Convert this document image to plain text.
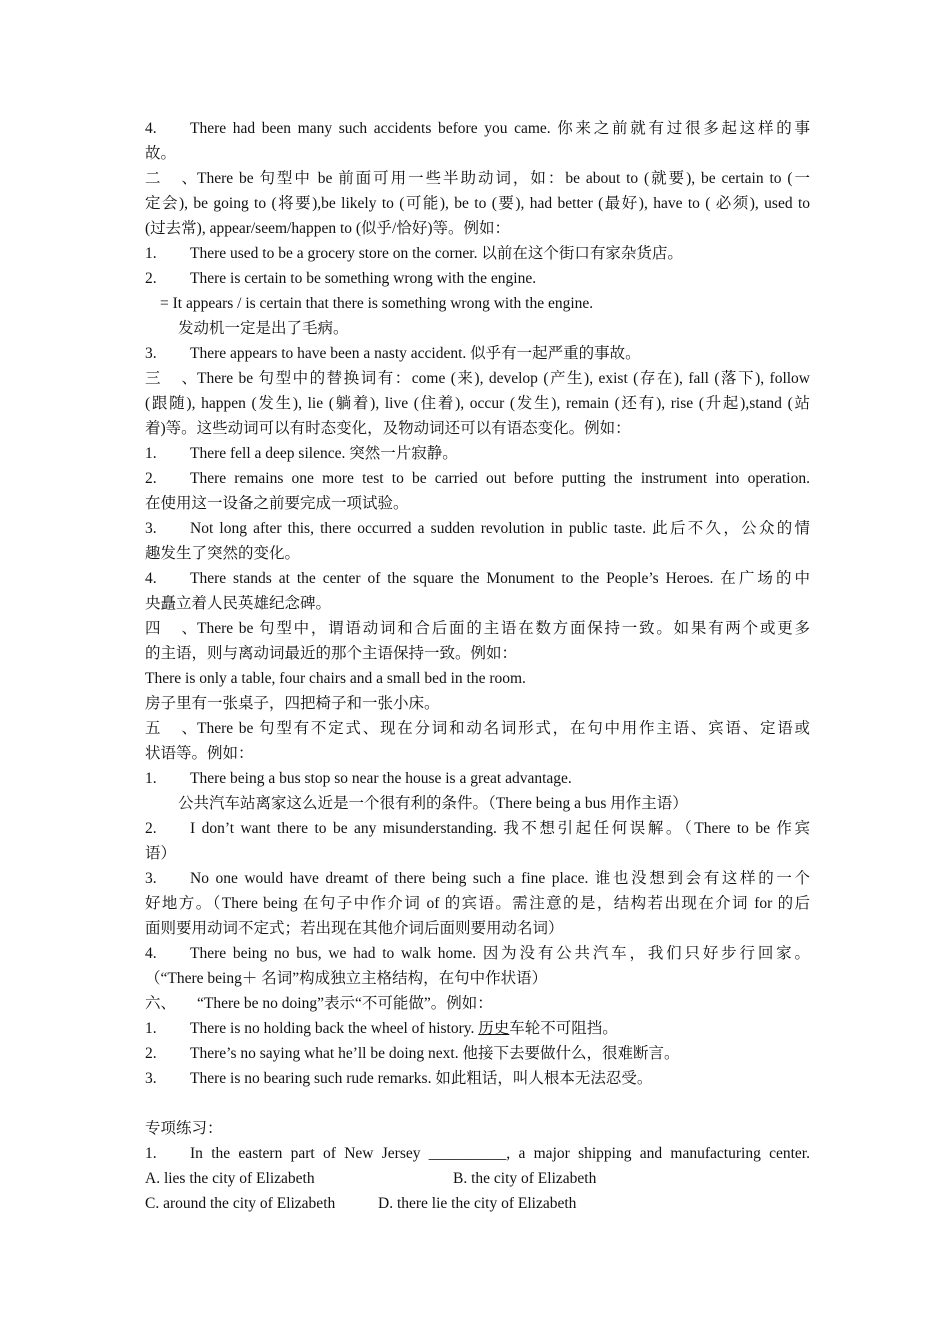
4. There had been many such accidents before you came. 你来之前就有过很多起这样的事
故。
二、There be 句型中 be 前面可用一些半助动词，如：be about to (就要), be certain to (一
定会), be going to (将要),be likely to (可能), be to (要), had better (最好), have to ( 必须), used to
(过去常), appear/seem/happen to (似乎/恰好)等。例如：
1. There used to be a grocery store on the corner. 以前在这个街口有家杂货店。
2. There is certain to be something wrong with the engine.
= It appears / is certain that there is something wrong with the engine.
发动机一定是出了毛病。
3. There appears to have been a nasty accident. 似乎有一起严重的事故。
三、There be 句型中的替换词有：come (来), develop (产生), exist (存在), fall (落下), follow
(跟随), happen (发生), lie (躺着), live (住着), occur (发生), remain (还有), rise (升起),stand (站
着)等。这些动词可以有时态变化，及物动词还可以有语态变化。例如：
1. There fell a deep silence. 突然一片寂静。
2. There remains one more test to be carried out before putting the instrument into operation.
在使用这一设备之前要完成一项试验。
3. Not long after this, there occurred a sudden revolution in public taste. 此后不久，公众的情
趣发生了突然的变化。
4. There stands at the center of the square the Monument to the People’s Heroes. 在广场的中
央矗立着人民英雄纪念碑。
四、There be 句型中，谓语动词和合后面的主语在数方面保持一致。如果有两个或更多
的主语，则与离动词最近的那个主语保持一致。例如：
There is only a table, four chairs and a small bed in the room.
房子里有一张桌子，四把椅子和一张小床。
五、There be 句型有不定式、现在分词和动名词形式，在句中用作主语、宾语、定语或
状语等。例如：
1. There being a bus stop so near the house is a great advantage.
公共汽车站离家这么近是一个很有利的条件。（There being a bus 用作主语）
2. I don’t want there to be any misunderstanding. 我不想引起任何误解。（There to be 作宾
语）
3. No one would have dreamt of there being such a fine place. 谁也没想到会有这样的一个
好地方。（There being 在句子中作介词 of 的宾语。需注意的是，结构若出现在介词 for 的后
面则要用动词不定式；若出现在其他介词后面则要用动名词）
4. There being no bus, we had to walk home. 因为没有公共汽车，我们只好步行回家。
（“There being＋ 名词”构成独立主格结构，在句中作状语）
六、 “There be no doing”表示“不可能做”。例如：
1. There is no holding back the wheel of history. 历史车轮不可阻挡。
2. There’s no saying what he’ll be doing next. 他接下去要做什么，很难断言。
3. There is no bearing such rude remarks. 如此粗话，叫人根本无法忍受。
专项练习：
1. In the eastern part of New Jersey __________, a major shipping and manufacturing center.
A. lies the city of Elizabeth	B. the city of Elizabeth
C. around the city of Elizabeth	D. there lie the city of Elizabeth
